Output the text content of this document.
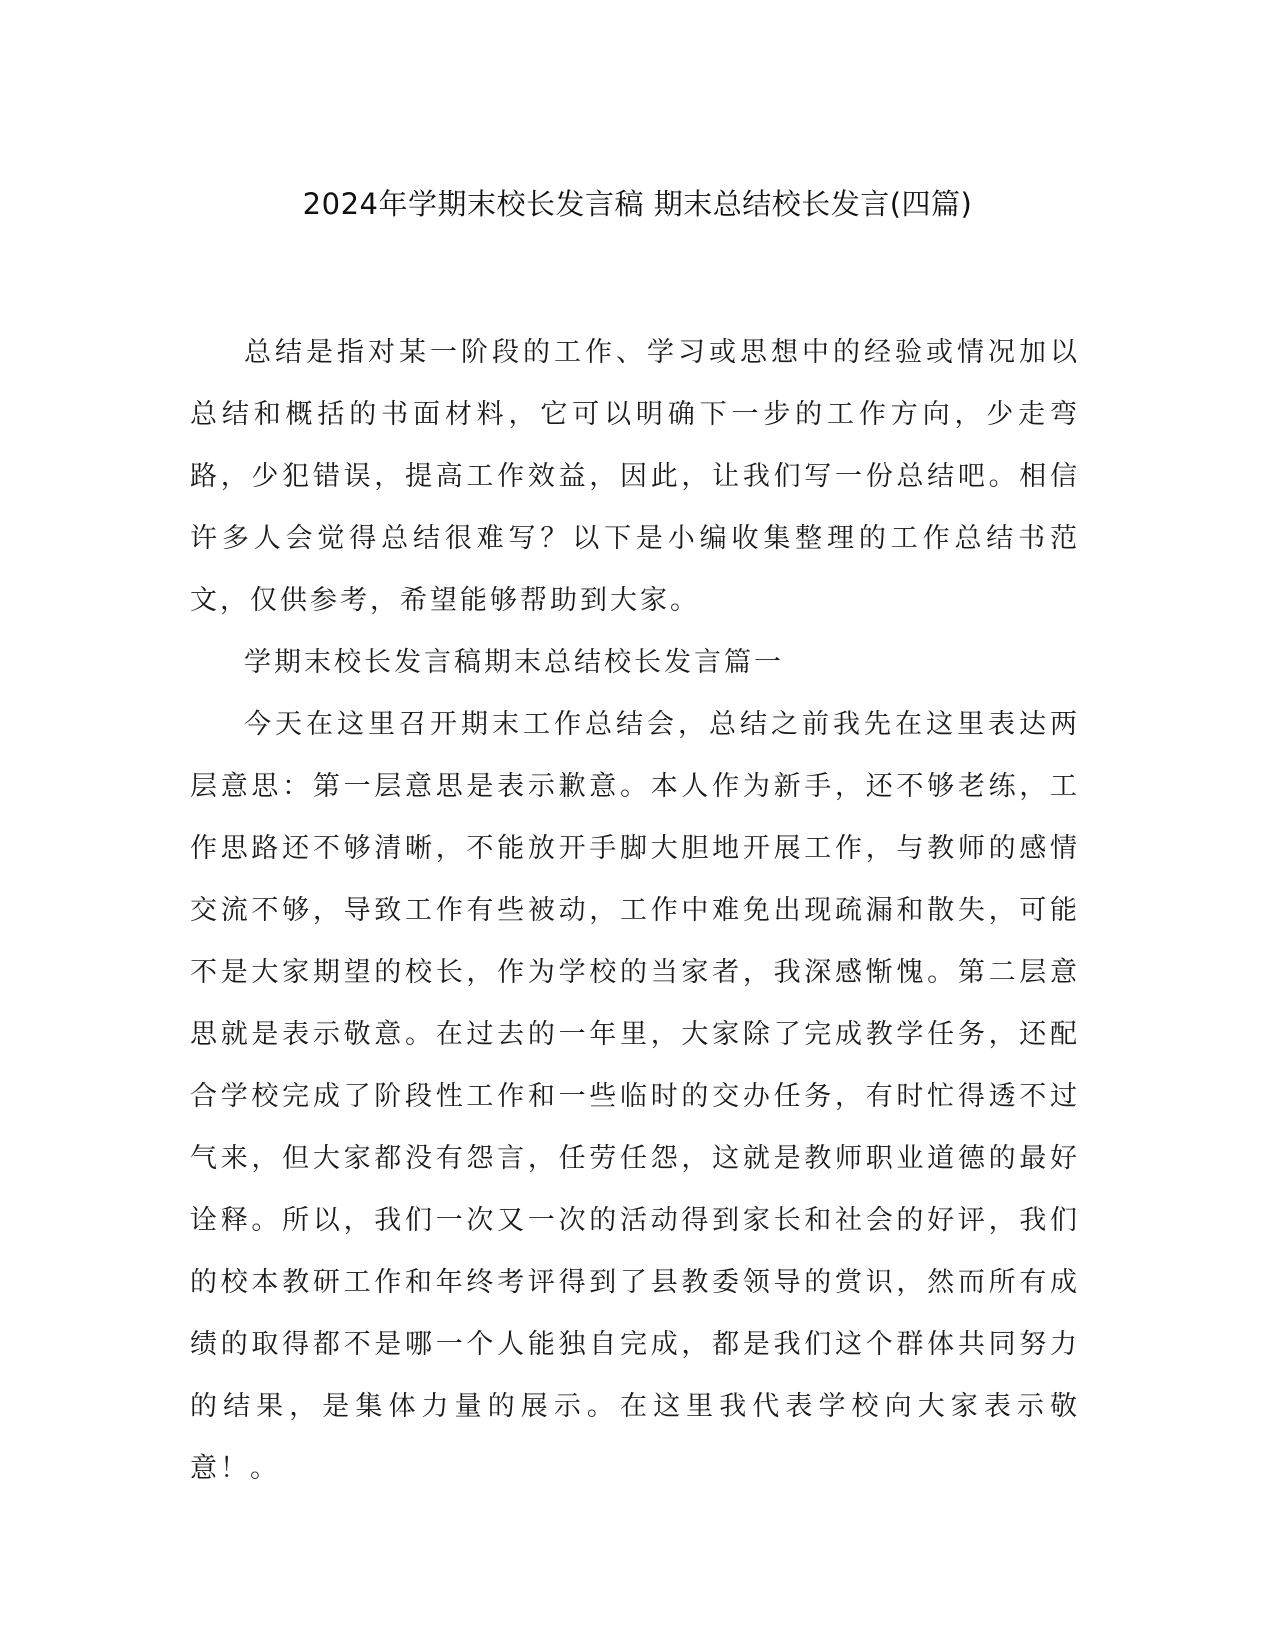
2024年学期末校长发言稿 期末总结校长发言(四篇)

总结是指对某一阶段的工作、学习或思想中的经验或情况加以总结和概括的书面材料，它可以明确下一步的工作方向，少走弯路，少犯错误，提高工作效益，因此，让我们写一份总结吧。相信许多人会觉得总结很难写？以下是小编收集整理的工作总结书范文，仅供参考，希望能够帮助到大家。

学期末校长发言稿期末总结校长发言篇一

今天在这里召开期末工作总结会，总结之前我先在这里表达两层意思：第一层意思是表示歉意。本人作为新手，还不够老练，工作思路还不够清晰，不能放开手脚大胆地开展工作，与教师的感情交流不够，导致工作有些被动，工作中难免出现疏漏和散失，可能不是大家期望的校长，作为学校的当家者，我深感惭愧。第二层意思就是表示敬意。在过去的一年里，大家除了完成教学任务，还配合学校完成了阶段性工作和一些临时的交办任务，有时忙得透不过气来，但大家都没有怨言，任劳任怨，这就是教师职业道德的最好诠释。所以，我们一次又一次的活动得到家长和社会的好评，我们的校本教研工作和年终考评得到了县教委领导的赏识，然而所有成绩的取得都不是哪一个人能独自完成，都是我们这个群体共同努力的结果，是集体力量的展示。在这里我代表学校向大家表示敬意！。
